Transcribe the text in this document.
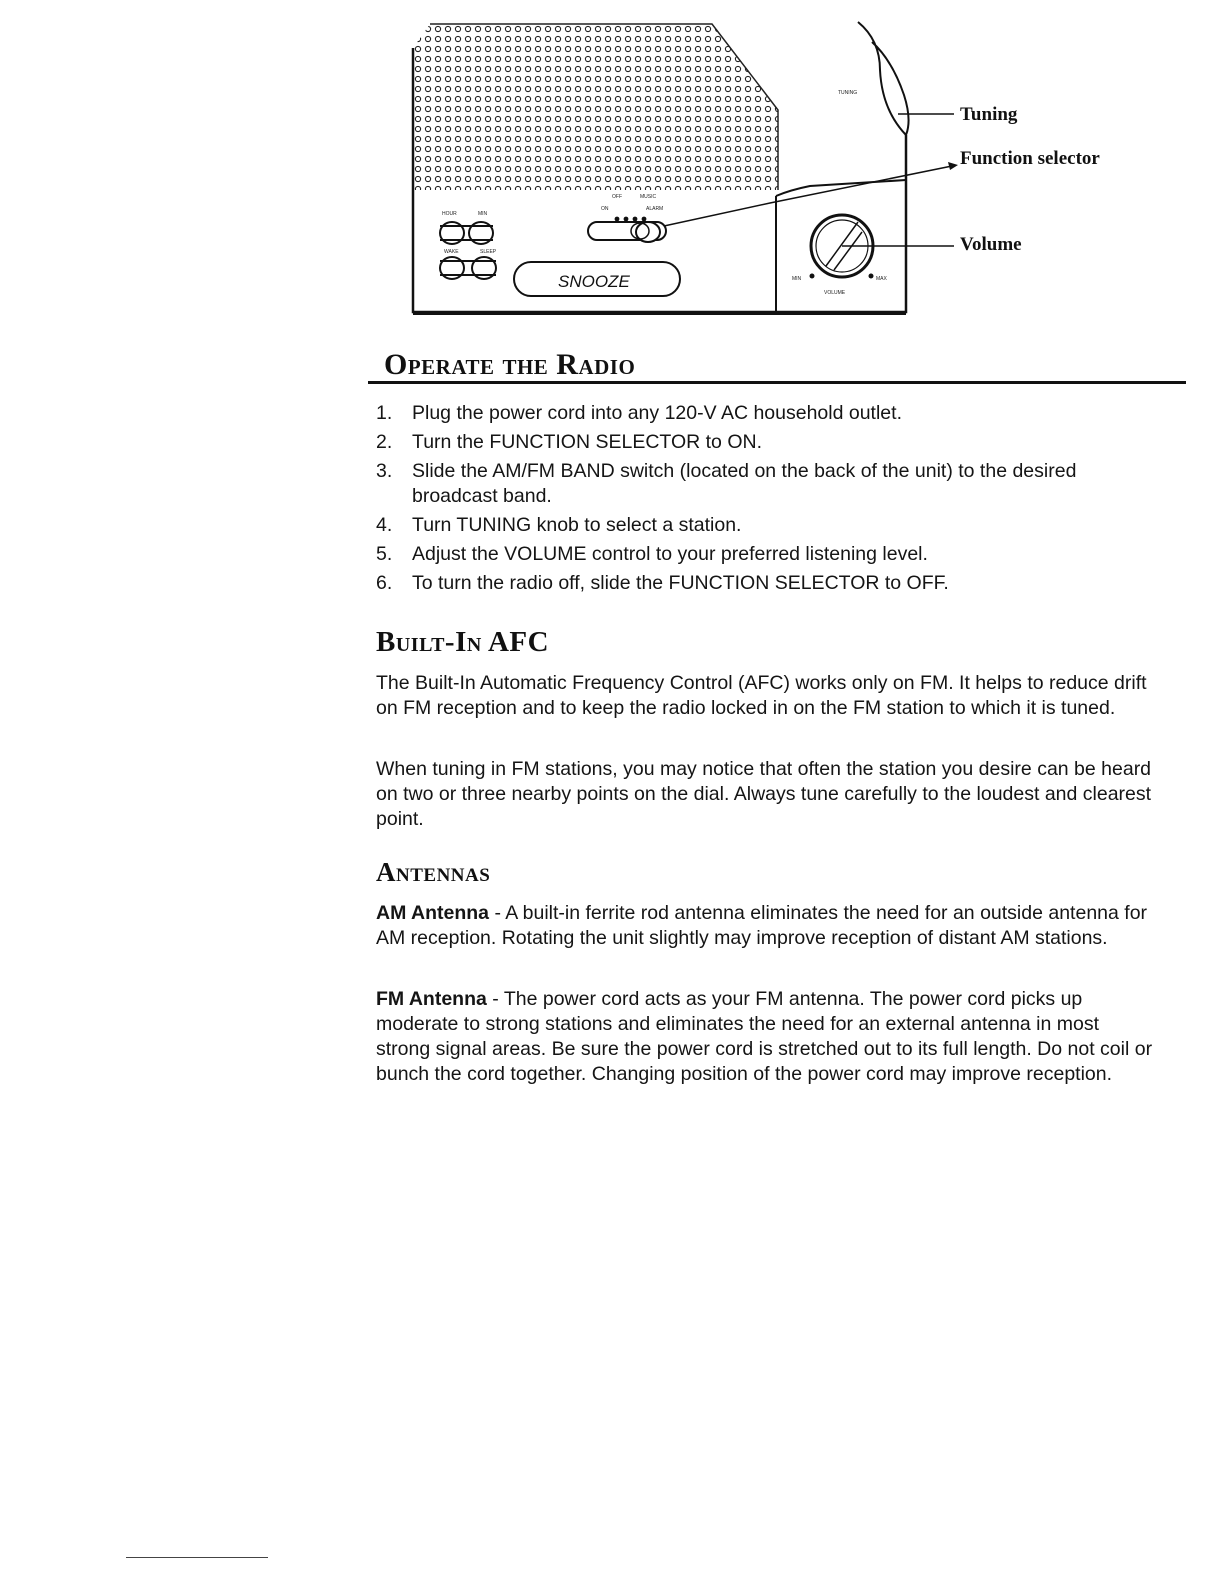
TUNING
HOUR	MIN
WAKE	SLEEP
SNOOZE
OFF	MUSIC
ON	ALARM
MIN	MAX
VOLUME
Tuning
Function selector
Volume
Operate the Radio
1. Plug the power cord into any 120-V AC household outlet.
2. Turn the FUNCTION SELECTOR to ON.
3. Slide the AM/FM BAND switch (located on the back of the unit) to the desired broadcast band.
4. Turn TUNING knob to select a station.
5. Adjust the VOLUME control to your preferred listening level.
6. To turn the radio off, slide the FUNCTION SELECTOR to OFF.
Built-In AFC

The Built-In Automatic Frequency Control (AFC) works only on FM. It helps to reduce drift on FM reception and to keep the radio locked in on the FM station to which it is tuned.

When tuning in FM stations, you may notice that often the station you desire can be heard on two or three nearby points on the dial. Always tune carefully to the loudest and clearest point.

Antennas

AM Antenna - A built-in ferrite rod antenna eliminates the need for an outside antenna for AM reception. Rotating the unit slightly may improve reception of distant AM stations.

FM Antenna - The power cord acts as your FM antenna. The power cord picks up moderate to strong stations and eliminates the need for an external antenna in most strong signal areas. Be sure the power cord is stretched out to its full length. Do not coil or bunch the cord together. Changing position of the power cord may improve reception.
